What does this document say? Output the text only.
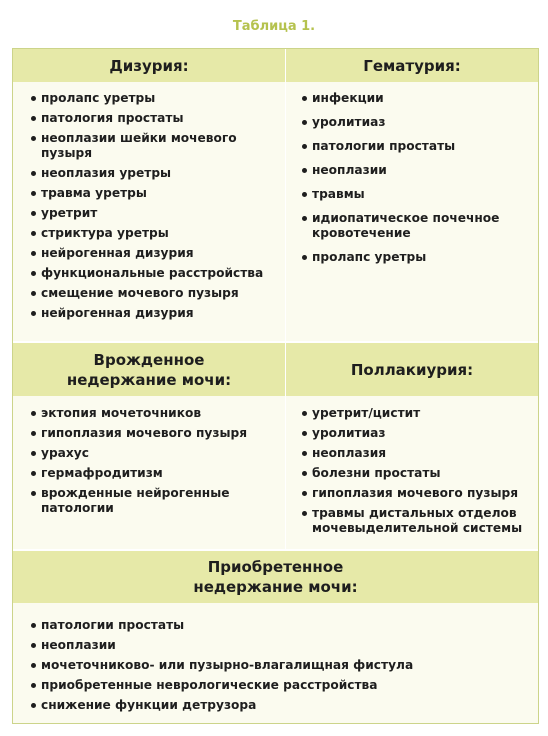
Таблица 1.
Дизурия:	Гематурия:
пролапс уретры
патология простаты
неоплазии шейки мочевого пузыря
неоплазия уретры
травма уретры
уретрит
стриктура уретры
нейрогенная дизурия
функциональные расстройства
смещение мочевого пузыря
нейрогенная дизурия
инфекции
уролитиаз
патологии простаты
неоплазии
травмы
идиопатическое почечное
кровотечение
пролапс уретры
Врожденное
недержание мочи:
Поллакиурия:
эктопия мочеточников
гипоплазия мочевого пузыря
урахус
гермафродитизм
врожденные нейрогенные
патологии
уретрит/цистит
уролитиаз
неоплазия
болезни простаты
гипоплазия мочевого пузыря
травмы дистальных отделов
мочевыделительной системы
Приобретенное
недержание мочи:
патологии простаты
неоплазии
мочеточниково- или пузырно-влагалищная фистула
приобретенные неврологические расстройства
снижение функции детрузора
